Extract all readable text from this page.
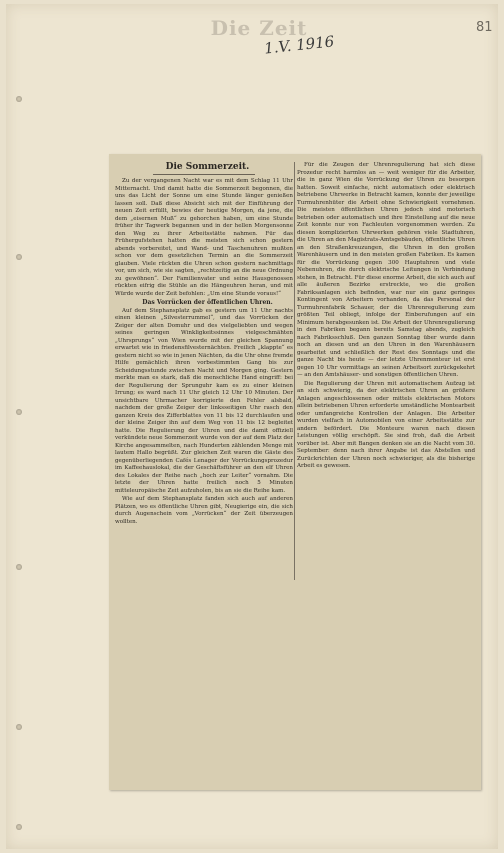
Die Zeit
1.V. 1916
81

Die Sommerzeit.

Zu der vergangenen Nacht war es mit dem Schlag 11 Uhr Mitternacht. Und damit hatte die Sommerzeit begonnen, die uns das Licht der Sonne um eine Stunde länger genießen lassen soll. Daß diese Absicht sich mit der Einführung der neuen Zeit erfüllt, bewies der heutige Morgen, da jene, die dem „eisernen Muß“ zu gehorchen haben, um eine Stunde früher ihr Tagwerk begannen und in der hellen Morgensonne den Weg zu ihrer Arbeitsstätte nahmen. Für das Frühergufstehen hatten die meisten sich schon gestern abends vorbereitet, und Wand- und Taschenuhren mußten schon vor dem gesetzlichen Termin an die Sommerzeit glauben. Viele rückten die Uhren schon gestern nachmittags vor, um sich, wie sie sagten, „rechtzeitig an die neue Ordnung zu gewöhnen“. Der Familienvater und seine Hausgenossen rückten eifrig die Stühle an die Hängeuhren heran, und mit Würde wurde der Zeit befohlen: „Um eine Stunde voraus!“

Das Vorrücken der öffentlichen Uhren.

Auf dem Stephansplatz gab es gestern um 11 Uhr nachts einen kleinen „Silvesterrummel“, und das Vorrücken der Zeiger der alten Domuhr und des vielgeliebten und wegen seines geringen Winkligkeitssinnes vielgeschmähten „Uhrsprungs“ von Wien wurde mit der gleichen Spannung erwartet wie in friedensfilvesternächten. Freilich „klappte“ es gestern nicht so wie in jenen Nächten, da die Uhr ohne fremde Hilfe gemächlich ihren vorbestimmten Gang bis zur Scheidungsstunde zwischen Nacht und Morgen ging. Gestern merkte man es stark, daß die menschliche Hand eingriff: bei der Regulierung der Sprunguhr kam es zu einer kleinen Irrung; es ward nach 11 Uhr gleich 12 Uhr 10 Minuten. Der unsichtbare Uhrmacher korrigierte den Fehler alsbald, nachdem der große Zeiger der linksseitigen Uhr rasch den ganzen Kreis des Zifferblattes von 11 bis 12 durchlaufen und der kleine Zeiger ihn auf dem Weg von 11 bis 12 begleitet hatte. Die Regulierung der Uhren und die damit offiziell verkündete neue Sommerzeit wurde von der auf dem Platz der Kirche angesammelten, nach Hunderten zählenden Menge mit lautem Hallo begrüßt. Zur gleichen Zeit waren die Gäste des gegenüberliegenden Cafés Lenager der Vorrückungsprozedur im Kaffeehauslokal, die der Geschäftsführer an den elf Uhren des Lokales der Reihe nach „hoch zur Leiter“ vornahm. Die letzte der Uhren hatte freilich noch 5 Minuten mitteleuropäische Zeit aufzuholen, bis an sie die Reihe kam.

Wie auf dem Stephansplatz fanden sich auch auf anderen Plätzen, wo es öffentliche Uhren gibt, Neugierige ein, die sich durch Augenschein vom „Vorrücken“ der Zeit überzeugen wollten.

Für die Zeugen der Uhrenregulierung hat sich diese Prozedur recht harmlos an — weit weniger für die Arbeiter, die in ganz Wien die Vorrückung der Uhren zu besorgen hatten. Soweit einfache, nicht automatisch oder elektrisch betriebene Uhrwerke in Betracht kamen, konnte der jeweilige Turmuhrenhüter die Arbeit ohne Schwierigkeit vornehmen. Die meisten öffentlichen Uhren jedoch sind motorisch betrieben oder automatisch und ihre Einstellung auf die neue Zeit konnte nur von Fachleuten vorgenommen werden. Zu diesen komplizierten Uhrwerken gehören viele Stadtuhren, die Uhren an den Magistrats-Amtsgebäuden, öffentliche Uhren an den Straßenkreuzungen, die Uhren in den großen Warenhäusern und in den meisten großen Fabriken. Es kamen für die Vorrückung gegen 300 Hauptuhren und viele Nebenuhren, die durch elektrische Leitungen in Verbindung stehen, in Betracht. Für diese enorme Arbeit, die sich auch auf alle äußeren Bezirke erstreckte, wo die großen Fabriksanlagen sich befinden, war nur ein ganz geringes Kontingent von Arbeitern vorhanden, da das Personal der Turmuhrenfabrik Schauer, der die Uhrenregulierung zum größten Teil obliegt, infolge der Einberufungen auf ein Minimum herabgesunken ist. Die Arbeit der Uhrenregulierung in den Fabriken begann bereits Samstag abends, zugleich nach Fabriksschluß. Den ganzen Sonntag über wurde dann noch an diesen und an den Uhren in den Warenhäusern gearbeitet und schließlich der Rest des Sonntags und die ganze Nacht bis heute — der letzte Uhrenmonteur ist erst gegen 10 Uhr vormittags an seinen Arbeitsort zurückgekehrt — an den Amtshäuser- und sonstigen öffentlichen Uhren.

Die Regulierung der Uhren mit automatischem Aufzug ist an sich schwierig, da der elektrischen Uhren an größere Anlagen angeschlossenen oder mittels elektrischen Motors allein betriebenen Uhren erforderte umständliche Montearbeit oder umfangreiche Kontrollen der Anlagen. Die Arbeiter wurden vielfach in Automobilen von einer Arbeitsstätte zur andern befördert. Die Monteure waren nach diesen Leistungen völlig erschöpft. Sie sind froh, daß die Arbeit vorüber ist. Aber mit Bangen denken sie an die Nacht vom 30. September: denn nach ihrer Angabe ist das Abstellen und Zurückrichten der Uhren noch schwieriger, als die bisherige Arbeit es gewesen.
